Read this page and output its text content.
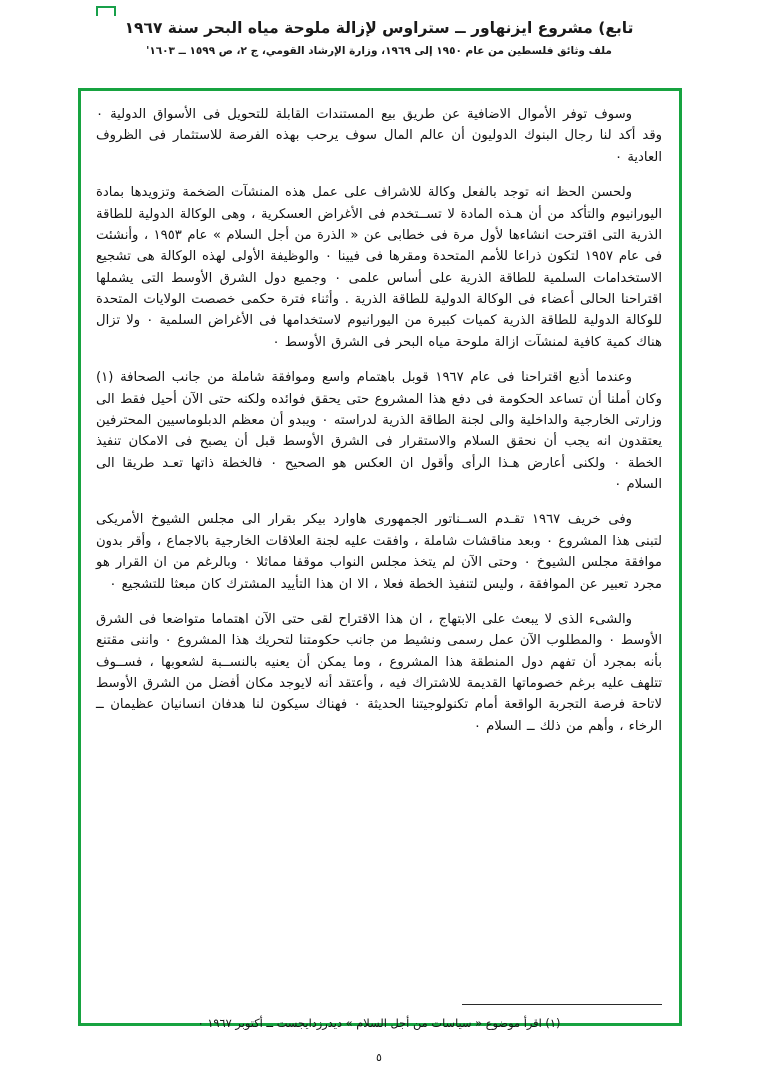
تابع) مشروع ايزنهاور ــ ستراوس لإزالة ملوحة مياه البحر سنة ١٩٦٧
ملف وثائق فلسطين من عام ١٩٥٠ إلى ١٩٦٩، وزارة الإرشاد القومي، ج ٢، ص ١٥٩٩ ــ ١٦٠٣'

وسوف توفر الأموال الاضافية عن طريق بيع المستندات القابلة للتحويل فى الأسواق الدولية ٠ وقد أكد لنا رجال البنوك الدوليون أن عالم المال سوف يرحب بهذه الفرصة للاستثمار فى الظروف العادية ٠

ولحسن الحظ انه توجد بالفعل وكالة للاشراف على عمل هذه المنشآت الضخمة وتزويدها بمادة اليورانيوم والتأكد من أن هـذه المادة لا تســتخدم فى الأغراض العسكرية ، وهى الوكالة الدولية للطاقة الذرية التى اقترحت انشاءها لأول مرة فى خطابى عن « الذرة من أجل السلام » عام ١٩٥٣ ، وأنشئت فى عام ١٩٥٧ لتكون ذراعا للأمم المتحدة ومقرها فى فيينا ٠ والوظيفة الأولى لهذه الوكالة هى تشجيع الاستخدامات السلمية للطاقة الذرية على أساس علمى ٠ وجميع دول الشرق الأوسط التى يشملها اقتراحنا الحالى أعضاء فى الوكالة الدولية للطاقة الذرية . وأثناء فترة حكمى خصصت الولايات المتحدة للوكالة الدولية للطاقة الذرية كميات كبيرة من اليورانيوم لاستخدامها فى الأغراض السلمية ٠ ولا تزال هناك كمية كافية لمنشآت ازالة ملوحة مياه البحر فى الشرق الأوسط ٠

وعندما أذيع اقتراحنا فى عام ١٩٦٧ قوبل باهتمام واسع وموافقة شاملة من جانب الصحافة (١) وكان أملنا أن تساعد الحكومة فى دفع هذا المشروع حتى يحقق فوائده ولكنه حتى الآن أحيل فقط الى وزارتى الخارجية والداخلية والى لجنة الطاقة الذرية لدراسته ٠ ويبدو أن معظم الدبلوماسيين المحترفين يعتقدون انه يجب أن نحقق السلام والاستقرار فى الشرق الأوسط قبل أن يصبح فى الامكان تنفيذ الخطة ٠ ولكنى أعارض هـذا الرأى وأقول ان العكس هو الصحيح ٠ فالخطة ذاتها تعـد طريقا الى السلام ٠

وفى خريف ١٩٦٧ تقـدم الســناتور الجمهورى هاوارد بيكر بقرار الى مجلس الشيوخ الأمريكى لتبنى هذا المشروع ٠ وبعد مناقشات شاملة ، وافقت عليه لجنة العلاقات الخارجية بالاجماع ، وأقر بدون موافقة مجلس الشيوخ ٠ وحتى الآن لم يتخذ مجلس النواب موقفا مماثلا ٠ وبالرغم من ان القرار هو مجرد تعبير عن الموافقة ، وليس لتنفيذ الخطة فعلا ، الا ان هذا التأييد المشترك كان مبعثا للتشجيع ٠

والشىء الذى لا يبعث على الابتهاج ، ان هذا الاقتراح لقى حتى الآن اهتماما متواضعا فى الشرق الأوسط ٠ والمطلوب الآن عمل رسمى ونشيط من جانب حكومتنا لتحريك هذا المشروع ٠ واننى مقتنع بأنه بمجرد أن تفهم دول المنطقة هذا المشروع ، وما يمكن أن يعنيه بالنســبة لشعوبها ، فســوف تتلهف عليه برغم خصوماتها القديمة للاشتراك فيه ، وأعتقد أنه لايوجد مكان أفضل من الشرق الأوسط لاتاحة فرصة التجربة الواقعة أمام تكنولوجيتنا الحديثة ٠ فهناك سيكون لنا هدفان انسانيان عظيمان ــ الرخاء ، وأهم من ذلك ــ السلام ٠

(١) اقرأ موضوع « سياسات من أجل السلام » ديدرزدايجست ــ أكتوبر ١٩٦٧ ٠
٥
